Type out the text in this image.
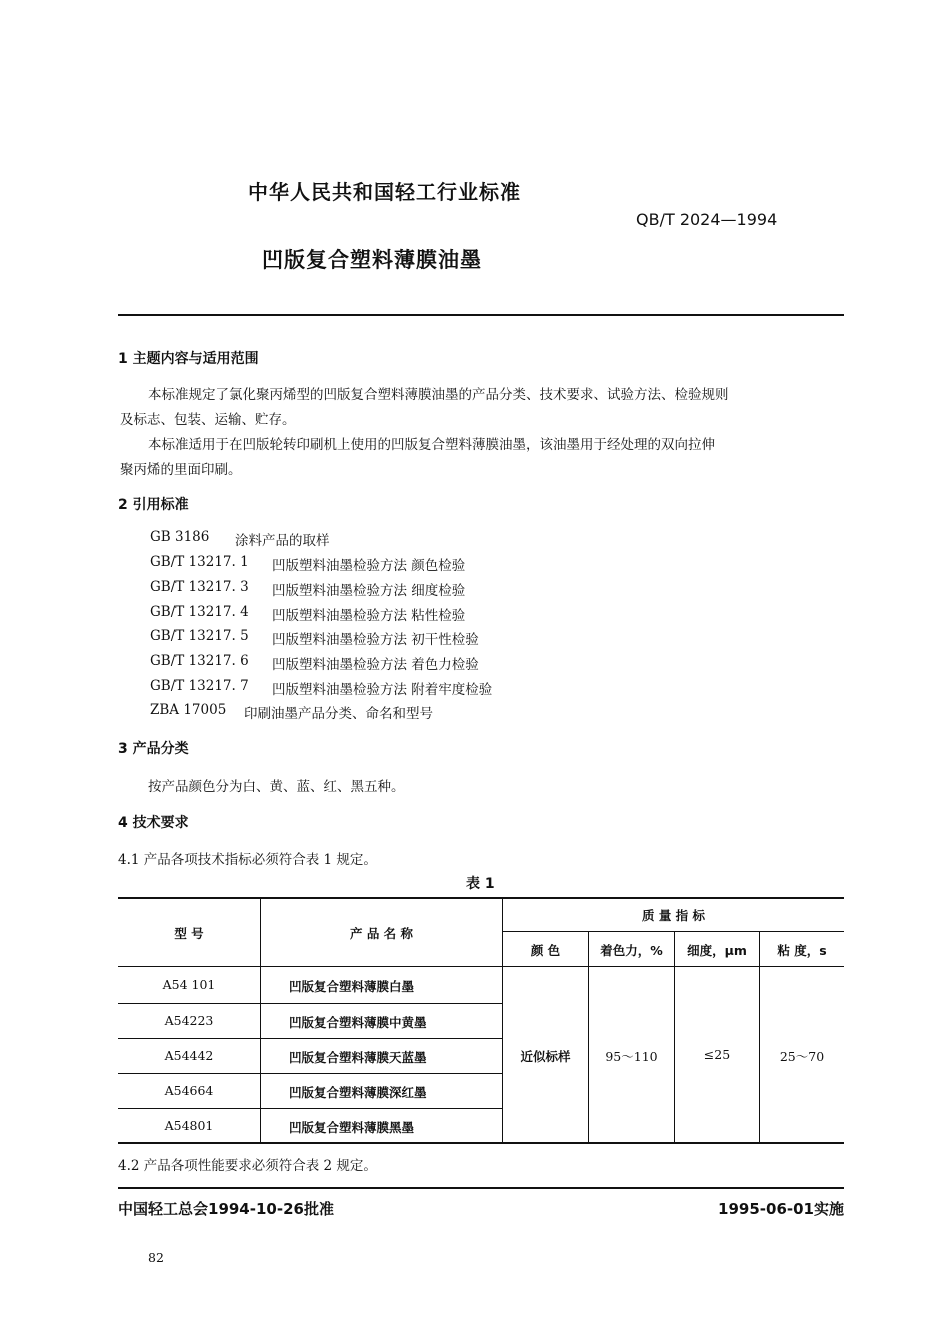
中华人民共和国轻工行业标准
QB/T 2024—1994
凹版复合塑料薄膜油墨
1 主题内容与适用范围
本标准规定了氯化聚丙烯型的凹版复合塑料薄膜油墨的产品分类、技术要求、试验方法、检验规则
及标志、包装、运输、贮存。
本标准适用于在凹版轮转印刷机上使用的凹版复合塑料薄膜油墨，该油墨用于经处理的双向拉伸
聚丙烯的里面印刷。
2 引用标准
GB 3186 涂料产品的取样
GB/T 13217. 1 凹版塑料油墨检验方法 颜色检验
GB/T 13217. 3 凹版塑料油墨检验方法 细度检验
GB/T 13217. 4 凹版塑料油墨检验方法 粘性检验
GB/T 13217. 5 凹版塑料油墨检验方法 初干性检验
GB/T 13217. 6 凹版塑料油墨检验方法 着色力检验
GB/T 13217. 7 凹版塑料油墨检验方法 附着牢度检验
ZBA 17005 印刷油墨产品分类、命名和型号
3 产品分类
按产品颜色分为白、黄、蓝、红、黑五种。
4 技术要求
4.1 产品各项技术指标必须符合表 1 规定。
表 1
型 号	产 品 名 称
质 量 指 标
颜 色	着色力，%	细度，μm	粘 度，s
A54 101	凹版复合塑料薄膜白墨
A54223	凹版复合塑料薄膜中黄墨
A54442	凹版复合塑料薄膜天蓝墨
A54664	凹版复合塑料薄膜深红墨
A54801	凹版复合塑料薄膜黑墨
近似标样	95～110	≤25	25～70
4.2 产品各项性能要求必须符合表 2 规定。
中国轻工总会1994-10-26批准	1995-06-01实施
82
